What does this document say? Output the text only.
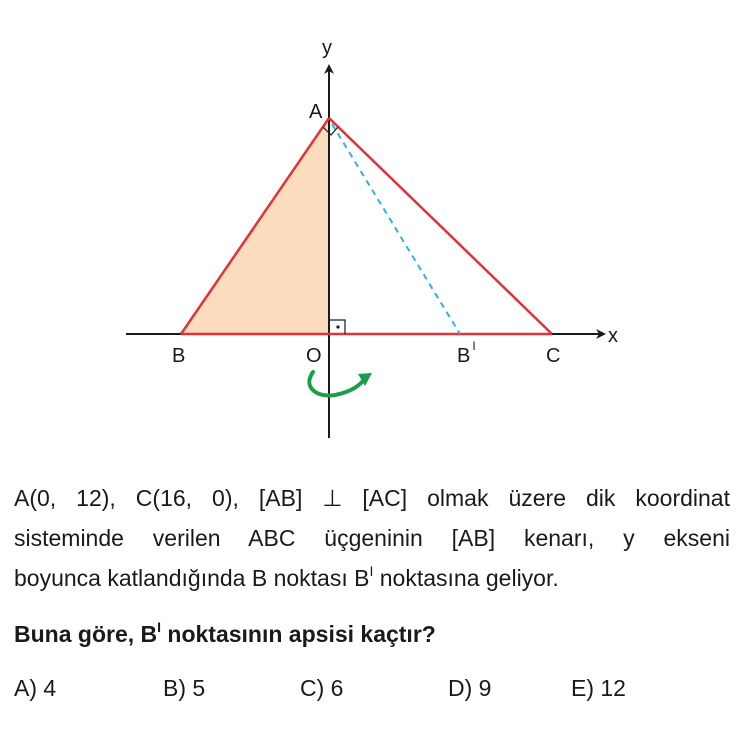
y
x
A
B	O	B $^I$	C

A(0, 12), C(16, 0), [AB] ⊥ [AC] olmak üzere dik koordinat
sisteminde verilen ABC üçgeninin [AB] kenarı, y ekseni
boyunca katlandığında B noktası $B^I$ noktasına geliyor.

Buna göre, $B^I$ noktasının apsisi kaçtır?

A) 4	B) 5	C) 6	D) 9	E) 12
